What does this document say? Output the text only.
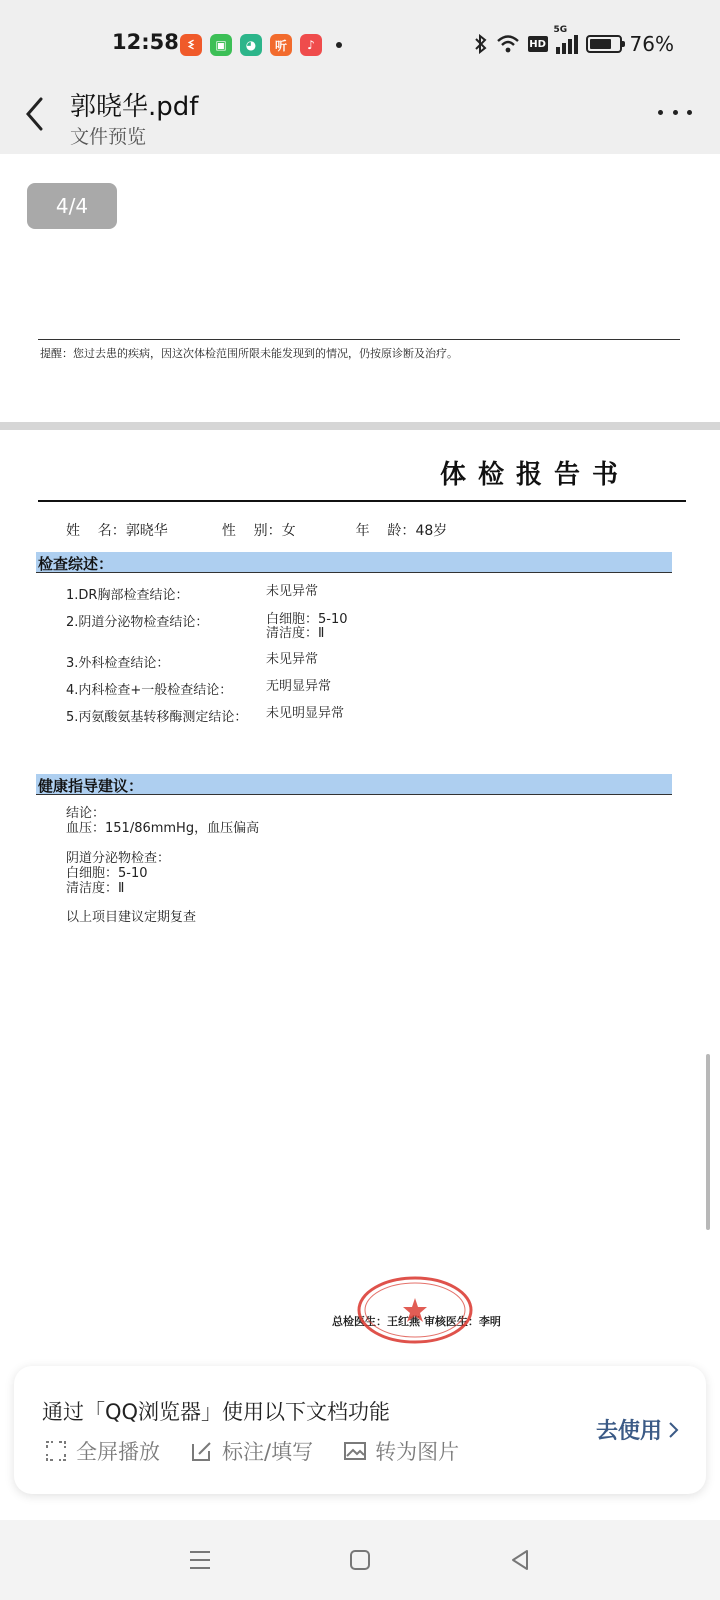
12:58 ꗨ	▣	◕	听	♪	HD
5G
76%
郭晓华.pdf
文件预览
4/4
提醒：您过去患的疾病，因这次体检范围所限未能发现到的情况，仍按原诊断及治疗。
体检报告书
姓    名： 郭晓华	性    别： 女	年    龄： 48岁
检查综述：
1.DR胸部检查结论：	未见异常
2.阴道分泌物检查结论：	白细胞：5-10
清洁度：Ⅱ
3.外科检查结论：	未见异常
4.内科检查+一般检查结论：	无明显异常
5.丙氨酸氨基转移酶测定结论： 未见明显异常
健康指导建议：
结论：
血压：151/86mmHg，血压偏高
阴道分泌物检查：
白细胞：5-10
清洁度：Ⅱ
以上项目建议定期复查
总检医生：王红燕 审核医生：李明
通过「QQ浏览器」使用以下文档功能
全屏播放	标注/填写	转为图片
去使用
